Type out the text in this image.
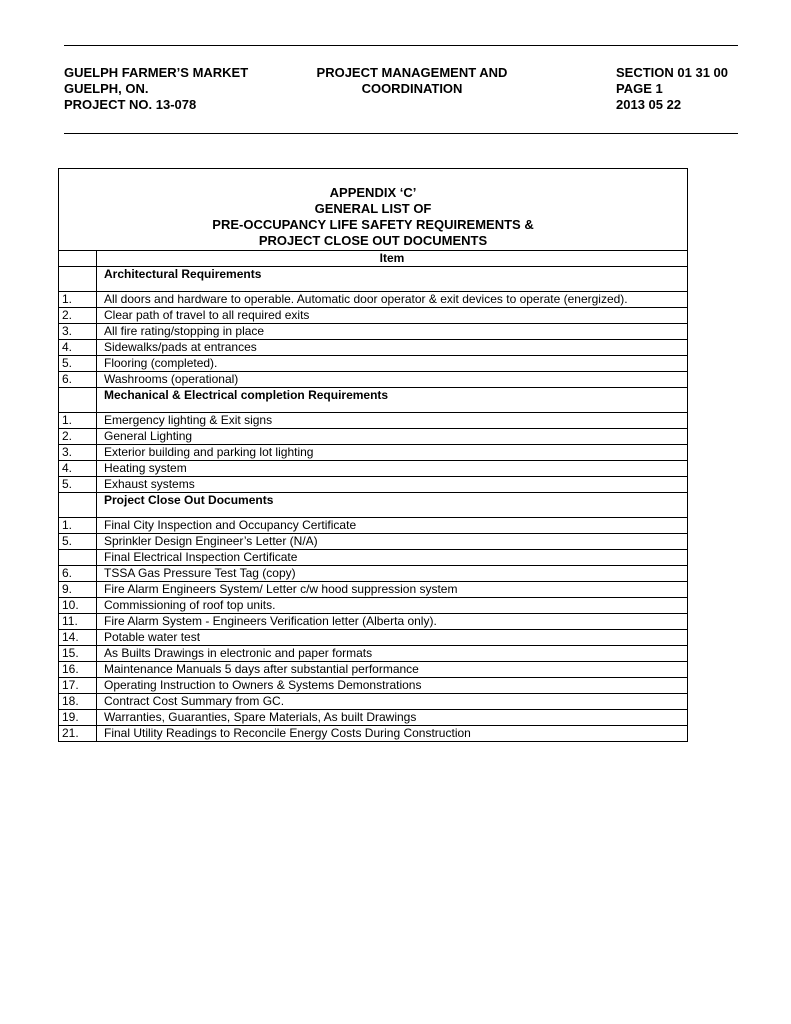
GUELPH FARMER’S MARKET
GUELPH, ON.
PROJECT NO. 13-078
PROJECT MANAGEMENT AND
COORDINATION
SECTION 01 31 00
PAGE 1
2013 05 22
APPENDIX ‘C’
GENERAL LIST OF
PRE-OCCUPANCY LIFE SAFETY REQUIREMENTS &
PROJECT CLOSE OUT DOCUMENTS	

	Item
	Architectural Requirements
1.	All doors and hardware to operable. Automatic door operator & exit devices to operate (energized).
2.	Clear path of travel to all required exits
3.	All fire rating/stopping in place
4.	Sidewalks/pads at entrances
5.	Flooring (completed).
6.	Washrooms (operational)
	Mechanical & Electrical completion Requirements
1.	Emergency lighting & Exit signs
2.	General Lighting
3.	Exterior building and parking lot lighting
4.	Heating system
5.	Exhaust systems
	Project Close Out Documents
1.	Final City Inspection and Occupancy Certificate
5.	Sprinkler Design Engineer’s Letter (N/A)
	Final Electrical Inspection Certificate
6.	TSSA Gas Pressure Test Tag (copy)
9.	Fire Alarm Engineers System/ Letter c/w hood suppression system
10.	Commissioning of roof top units.
11.	Fire Alarm System - Engineers Verification letter (Alberta only).
14.	Potable water test
15.	As Builts Drawings in electronic and paper formats
16.	Maintenance Manuals 5 days after substantial performance
17.	Operating Instruction to Owners & Systems Demonstrations
18.	Contract Cost Summary from GC.
19.	Warranties, Guaranties, Spare Materials, As built Drawings
21.	Final Utility Readings to Reconcile Energy Costs During Construction
